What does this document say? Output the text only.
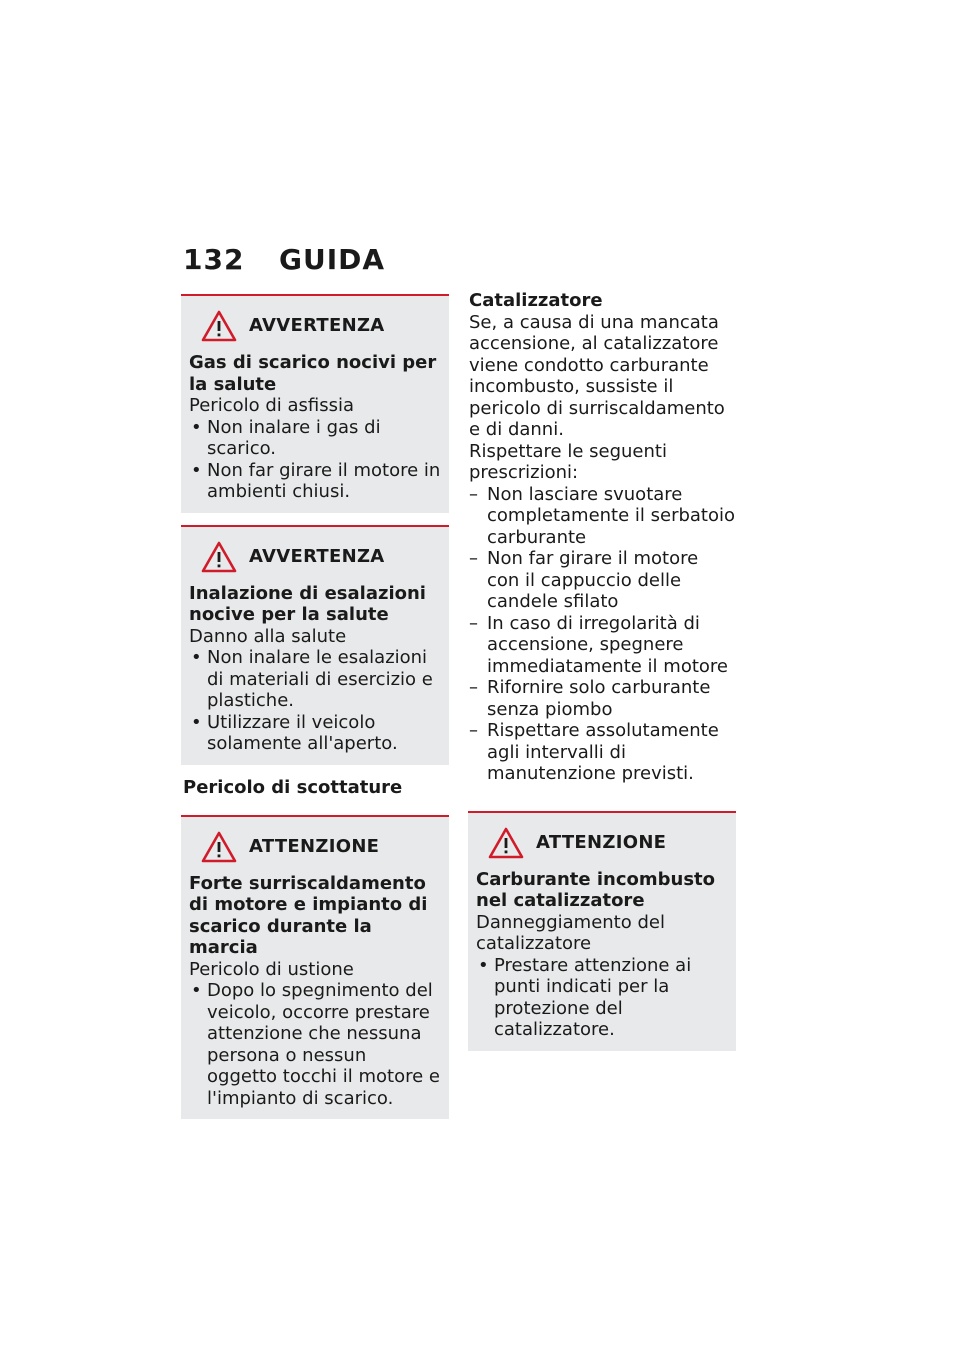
132 GUIDA
AVVERTENZA
Gas di scarico nocivi per la salute
Pericolo di asfissia
• Non inalare i gas di scarico.
• Non far girare il motore in ambienti chiusi.
AVVERTENZA
Inalazione di esalazioni nocive per la salute
Danno alla salute
• Non inalare le esalazioni di materiali di esercizio e plastiche.
• Utilizzare il veicolo solamente all'aperto.
Pericolo di scottature
ATTENZIONE
Forte surriscaldamento di motore e impianto di scarico durante la marcia
Pericolo di ustione
• Dopo lo spegnimento del veicolo, occorre prestare attenzione che nessuna persona o nessun oggetto tocchi il motore e l'impianto di scarico.
Catalizzatore
Se, a causa di una mancata accensione, al catalizzatore viene condotto carburante incombusto, sussiste il pericolo di surriscaldamento e di danni.
Rispettare le seguenti prescrizioni:
– Non lasciare svuotare completamente il serbatoio carburante
– Non far girare il motore con il cappuccio delle candele sfilato
– In caso di irregolarità di accensione, spegnere immediatamente il motore
– Rifornire solo carburante senza piombo
– Rispettare assolutamente agli intervalli di manutenzione previsti.
ATTENZIONE
Carburante incombusto nel catalizzatore
Danneggiamento del catalizzatore
• Prestare attenzione ai punti indicati per la protezione del catalizzatore.
